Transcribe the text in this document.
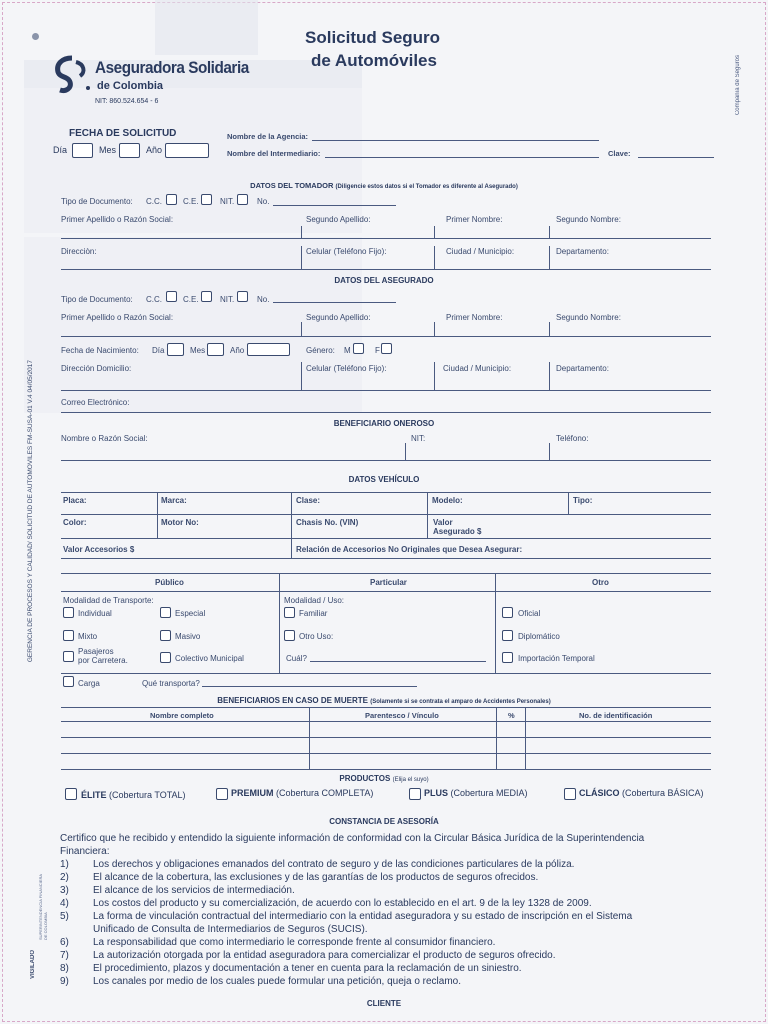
Solicitud Seguro
de Automóviles	Compañía de Seguros
Aseguradora Solidaria
de Colombia
NIT: 860.524.654 - 6
GERENCIA DE PROCESOS Y CALIDAD/ SOLICITUD DE AUTOMOVILES FM-SUSA-01 V.4 04/05/2017
VIGILADO
SUPERINTENDENCIA FINANCIERA DE COLOMBIA
FECHA DE SOLICITUD
Día	Mes	Año
Nombre de la Agencia:
Nombre del Intermediario:	Clave:
DATOS DEL TOMADOR (Diligencie estos datos si el Tomador es diferente al Asegurado)
Tipo de Documento: C.C.	C.E.	NIT.	No.
Primer Apellido o Razón Social:	Segundo Apellido:	Primer Nombre:	Segundo Nombre:
Direcciòn:	Celular (Teléfono Fijo):	Ciudad / Municipio:	Departamento:
DATOS DEL ASEGURADO
Tipo de Documento: C.C.	C.E.	NIT.	No.
Primer Apellido o Razón Social:	Segundo Apellido:	Primer Nombre:	Segundo Nombre:
Fecha de Nacimiento: Día	Mes	Año	Género: M	F
Dirección Domicilio:	Celular (Teléfono Fijo):	Ciudad / Municipio:	Departamento:
Correo Electrónico:
BENEFICIARIO ONEROSO
Nombre o Razón Social:	NIT:	Teléfono:
DATOS VEHÍCULO
Placa:	Marca:	Clase:	Modelo:	Tipo:
Color:	Motor No:	Chasis No. (VIN)	Valor
Asegurado $
Valor Accesorios $	Relación de Accesorios No Originales que Desea Asegurar:
Público	Particular	Otro
Modalidad de Transporte:	Modalidad / Uso:
Individual	Especial	Familiar	Oficial
Mixto	Masivo	Otro Uso:	Diplomático
Pasajeros
por Carretera.	Colectivo Municipal	Cuál?	Importación Temporal
Carga	Qué transporta?
BENEFICIARIOS EN CASO DE MUERTE (Solamente si se contrata el amparo de Accidentes Personales)
Nombre completo	Parentesco / Vínculo	%	No. de identificación
PRODUCTOS (Elija el suyo)
ÉLITE (Cobertura TOTAL)	PREMIUM (Cobertura COMPLETA)	PLUS (Cobertura MEDIA)	CLÁSICO (Cobertura BÁSICA)
CONSTANCIA DE ASESORÍA
Certifico que he recibido y entendido la siguiente información de conformidad con la Circular Básica Jurídica de la Superintendencia
Financiera:
1) Los derechos y obligaciones emanados del contrato de seguro y de las condiciones particulares de la póliza.
2) El alcance de la cobertura, las exclusiones y de las garantías de los productos de seguros ofrecidos.
3) El alcance de los servicios de intermediación.
4) Los costos del producto y su comercialización, de acuerdo con lo establecido en el art. 9 de la ley 1328 de 2009.
5) La forma de vinculación contractual del intermediario con la entidad aseguradora y su estado de inscripción en el Sistema
Unificado de Consulta de Intermediarios de Seguros (SUCIS).
6) La responsabilidad que como intermediario le corresponde frente al consumidor financiero.
7) La autorización otorgada por la entidad aseguradora para comercializar el producto de seguros ofrecido.
8) El procedimiento, plazos y documentación a tener en cuenta para la reclamación de un siniestro.
9) Los canales por medio de los cuales puede formular una petición, queja o reclamo.
CLIENTE
